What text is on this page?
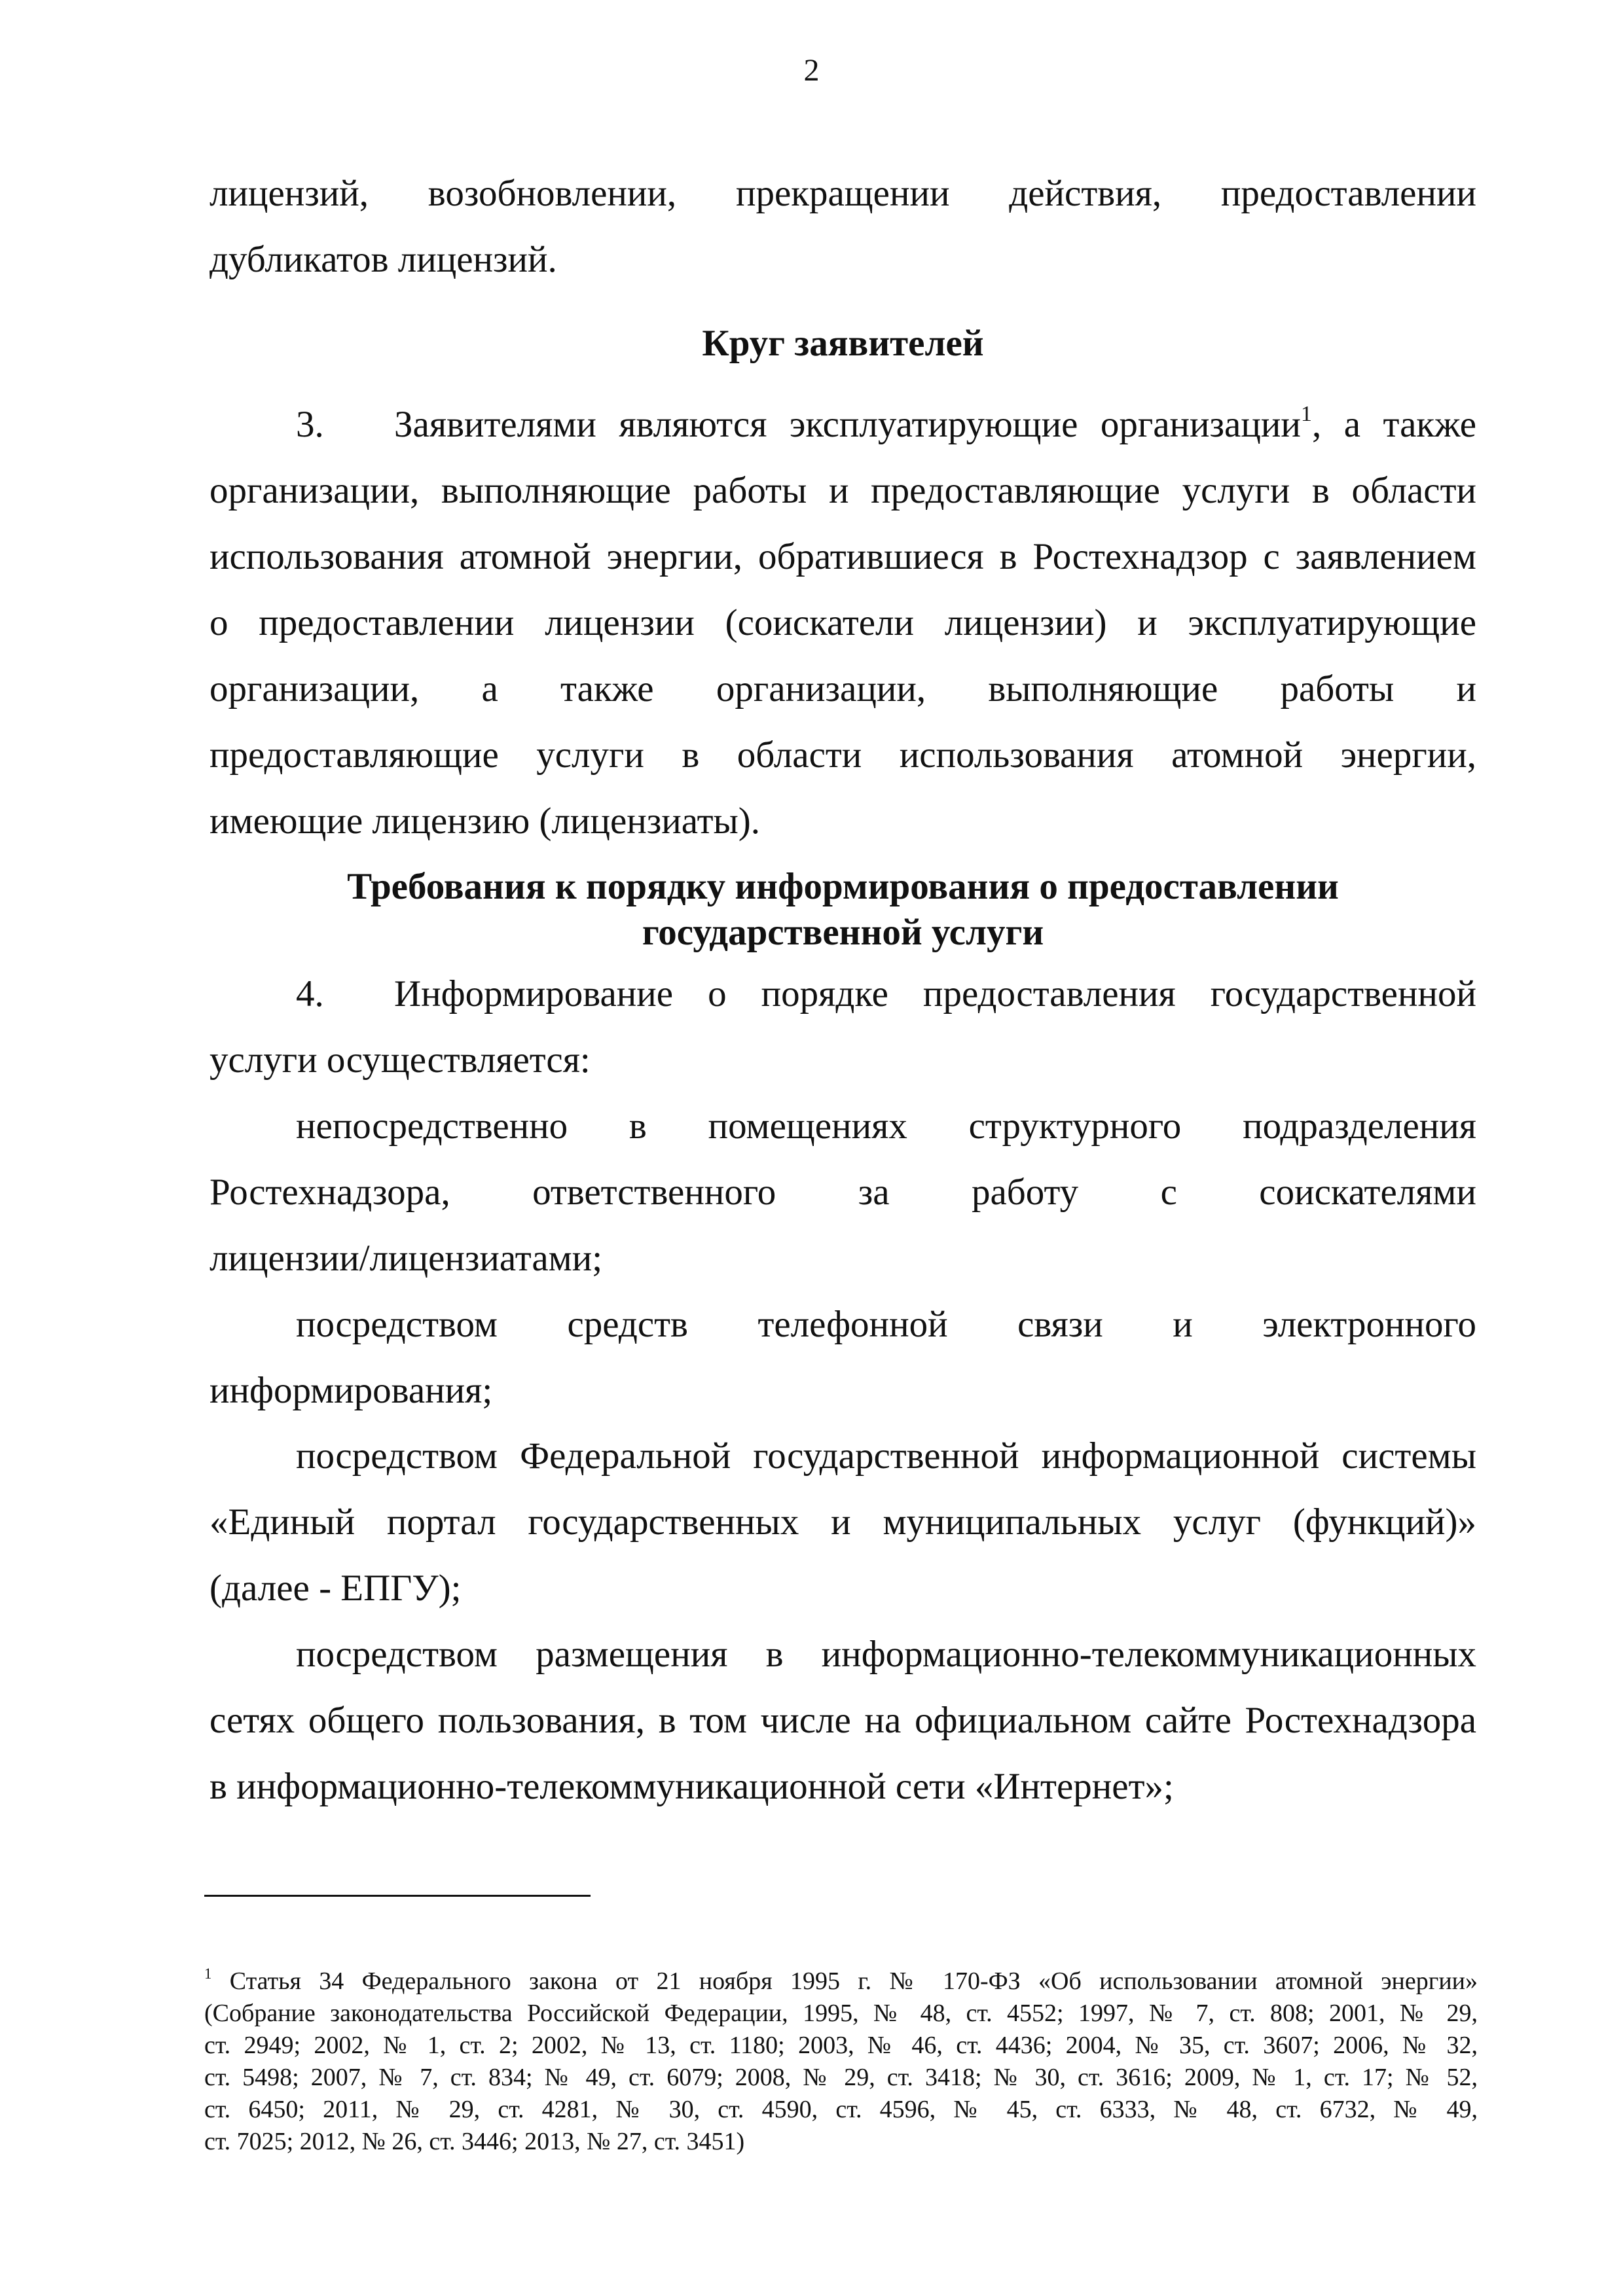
2

лицензий, возобновлении, прекращении действия, предоставлении

дубликатов лицензий.

Круг заявителей

3. Заявителями являются эксплуатирующие организации$^1$, а также

организации, выполняющие работы и предоставляющие услуги в области

использования атомной энергии, обратившиеся в Ростехнадзор с заявлением

о предоставлении лицензии (соискатели лицензии) и эксплуатирующие

организации, а также организации, выполняющие работы и

предоставляющие услуги в области использования атомной энергии,

имеющие лицензию (лицензиаты).

Требования к порядку информирования о предоставлении
государственной услуги

4. Информирование о порядке предоставления государственной

услуги осуществляется:

непосредственно в помещениях структурного подразделения

Ростехнадзора, ответственного за работу с соискателями

лицензии/лицензиатами;

посредством средств телефонной связи и электронного

информирования;

посредством Федеральной государственной информационной системы

«Единый портал государственных и муниципальных услуг (функций)»

(далее - ЕПГУ);

посредством размещения в информационно-телекоммуникационных

сетях общего пользования, в том числе на официальном сайте Ростехнадзора

в информационно-телекоммуникационной сети «Интернет»;

$^1$ Статья 34 Федерального закона от 21 ноября 1995 г. № 170-ФЗ «Об использовании атомной энергии»
(Собрание законодательства Российской Федерации, 1995, № 48, ст. 4552; 1997, № 7, ст. 808; 2001, № 29,
ст. 2949; 2002, № 1, ст. 2; 2002, № 13, ст. 1180; 2003, № 46, ст. 4436; 2004, № 35, ст. 3607; 2006, № 32,
ст. 5498; 2007, № 7, ст. 834; № 49, ст. 6079; 2008, № 29, ст. 3418; № 30, ст. 3616; 2009, № 1, ст. 17; № 52,
ст. 6450; 2011, № 29, ст. 4281, № 30, ст. 4590, ст. 4596, № 45, ст. 6333, № 48, ст. 6732, № 49,
ст. 7025; 2012, № 26, ст. 3446; 2013, № 27, ст. 3451)
